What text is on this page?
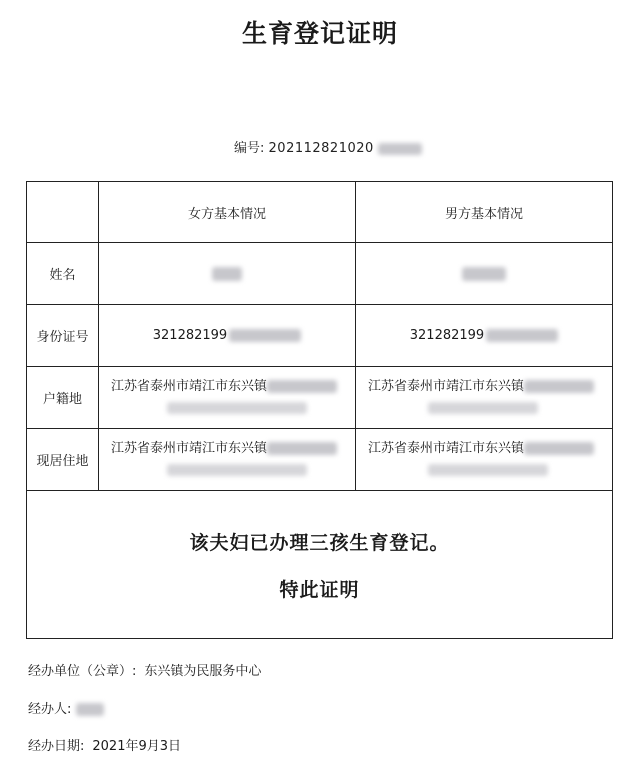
生育登记证明
编号: 202112821020
	女方基本情况	男方基本情况
姓名		
身份证号	321282199	321282199
户籍地	江苏省泰州市靖江市东兴镇	江苏省泰州市靖江市东兴镇

现居住地	江苏省泰州市靖江市东兴镇	江苏省泰州市靖江市东兴镇

该夫妇已办理三孩生育登记。
特此证明		
经办单位（公章）: 东兴镇为民服务中心
经办人:
经办日期: 2021年9月3日
